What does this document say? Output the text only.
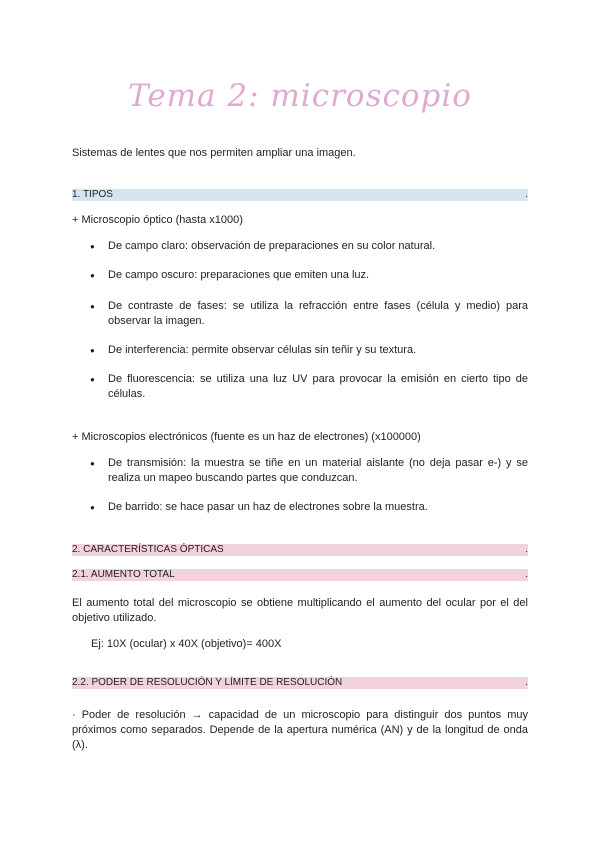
Tema 2: microscopio

Sistemas de lentes que nos permiten ampliar una imagen.

1. TIPOS	.

+ Microscopio óptico (hasta x1000)

●	De campo claro: observación de preparaciones en su color natural.

●	De campo oscuro: preparaciones que emiten una luz.

●	De contraste de fases: se utiliza la refracción entre fases (célula y medio) para observar la imagen.

●	De interferencia: permite observar células sin teñir y su textura.

●	De fluorescencia: se utiliza una luz UV para provocar la emisión en cierto tipo de células.

+ Microscopios electrónicos (fuente es un haz de electrones) (x100000)

●	De transmisión: la muestra se tiñe en un material aislante (no deja pasar e-) y se realiza un mapeo buscando partes que conduzcan.

●	De barrido: se hace pasar un haz de electrones sobre la muestra.

2. CARACTERÍSTICAS ÓPTICAS	.
2.1. AUMENTO TOTAL	.

El aumento total del microscopio se obtiene multiplicando el aumento del ocular por el del objetivo utilizado.

Ej: 10X (ocular) x 40X (objetivo)= 400X

2.2. PODER DE RESOLUCIÓN Y LÍMITE DE RESOLUCIÓN	.

· Poder de resolución → capacidad de un microscopio para distinguir dos puntos muy próximos como separados. Depende de la apertura numérica (AN) y de la longitud de onda (λ).
